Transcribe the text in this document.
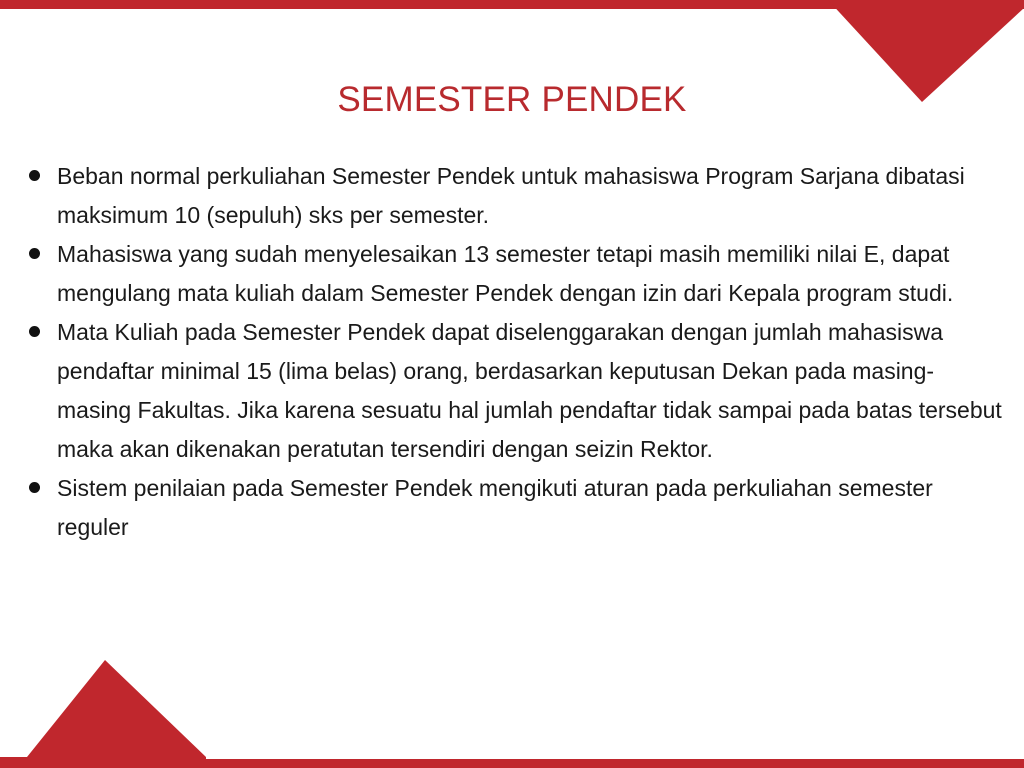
SEMESTER PENDEK
Beban normal perkuliahan Semester Pendek untuk mahasiswa Program Sarjana dibatasi maksimum 10 (sepuluh) sks per semester.
Mahasiswa yang sudah menyelesaikan 13 semester tetapi masih memiliki nilai E, dapat mengulang mata kuliah dalam Semester Pendek dengan izin dari Kepala program studi.
Mata Kuliah pada Semester Pendek dapat diselenggarakan dengan jumlah mahasiswa pendaftar minimal 15 (lima belas) orang, berdasarkan keputusan Dekan pada masing-masing Fakultas. Jika karena sesuatu hal jumlah pendaftar tidak sampai pada batas tersebut maka akan dikenakan peratutan tersendiri dengan seizin Rektor.
Sistem penilaian pada Semester Pendek mengikuti aturan pada perkuliahan semester reguler
